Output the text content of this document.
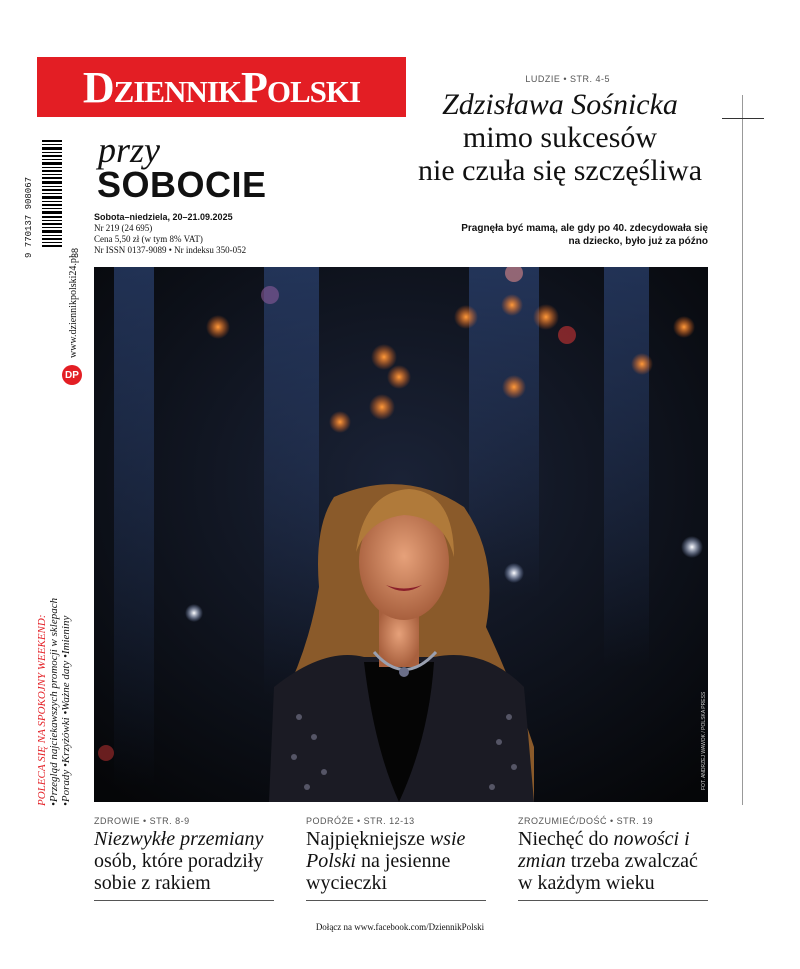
DziennikPolski	LUDZIE • STR. 4-5
Zdzisława Sośnicka
mimo sukcesów
nie czuła się szczęśliwa
Pragnęła być mamą, ale gdy po 40. zdecydowała się
na dziecko, było już za późno
przy
SOBOCIE
Sobota–niedziela, 20–21.09.2025
Nr 219 (24 695)
Cena 5,50 zł (w tym 8% VAT)
Nr ISSN 0137-9089 • Nr indeksu 350-052
9 770137 908067	38
www.dziennikpolski24.pl
DP
POLECA SIĘ NA SPOKOJNY WEEKEND: •Przegląd najciekawszych promocji w sklepach •Porady •Krzyżówki •Ważne daty •Imieniny	FOT. ANDRZEJ WAWOK / POLSKA PRESS
ZDROWIE • STR. 8-9
Niezwykłe przemiany osób, które poradziły sobie z rakiem
PODRÓŻE • STR. 12-13
Najpiękniejsze wsie Polski na jesienne wycieczki
ZROZUMIEĆ/DOŚĆ • STR. 19
Niechęć do nowości i zmian trzeba zwalczać w każdym wieku
Dołącz na www.facebook.com/DziennikPolski
